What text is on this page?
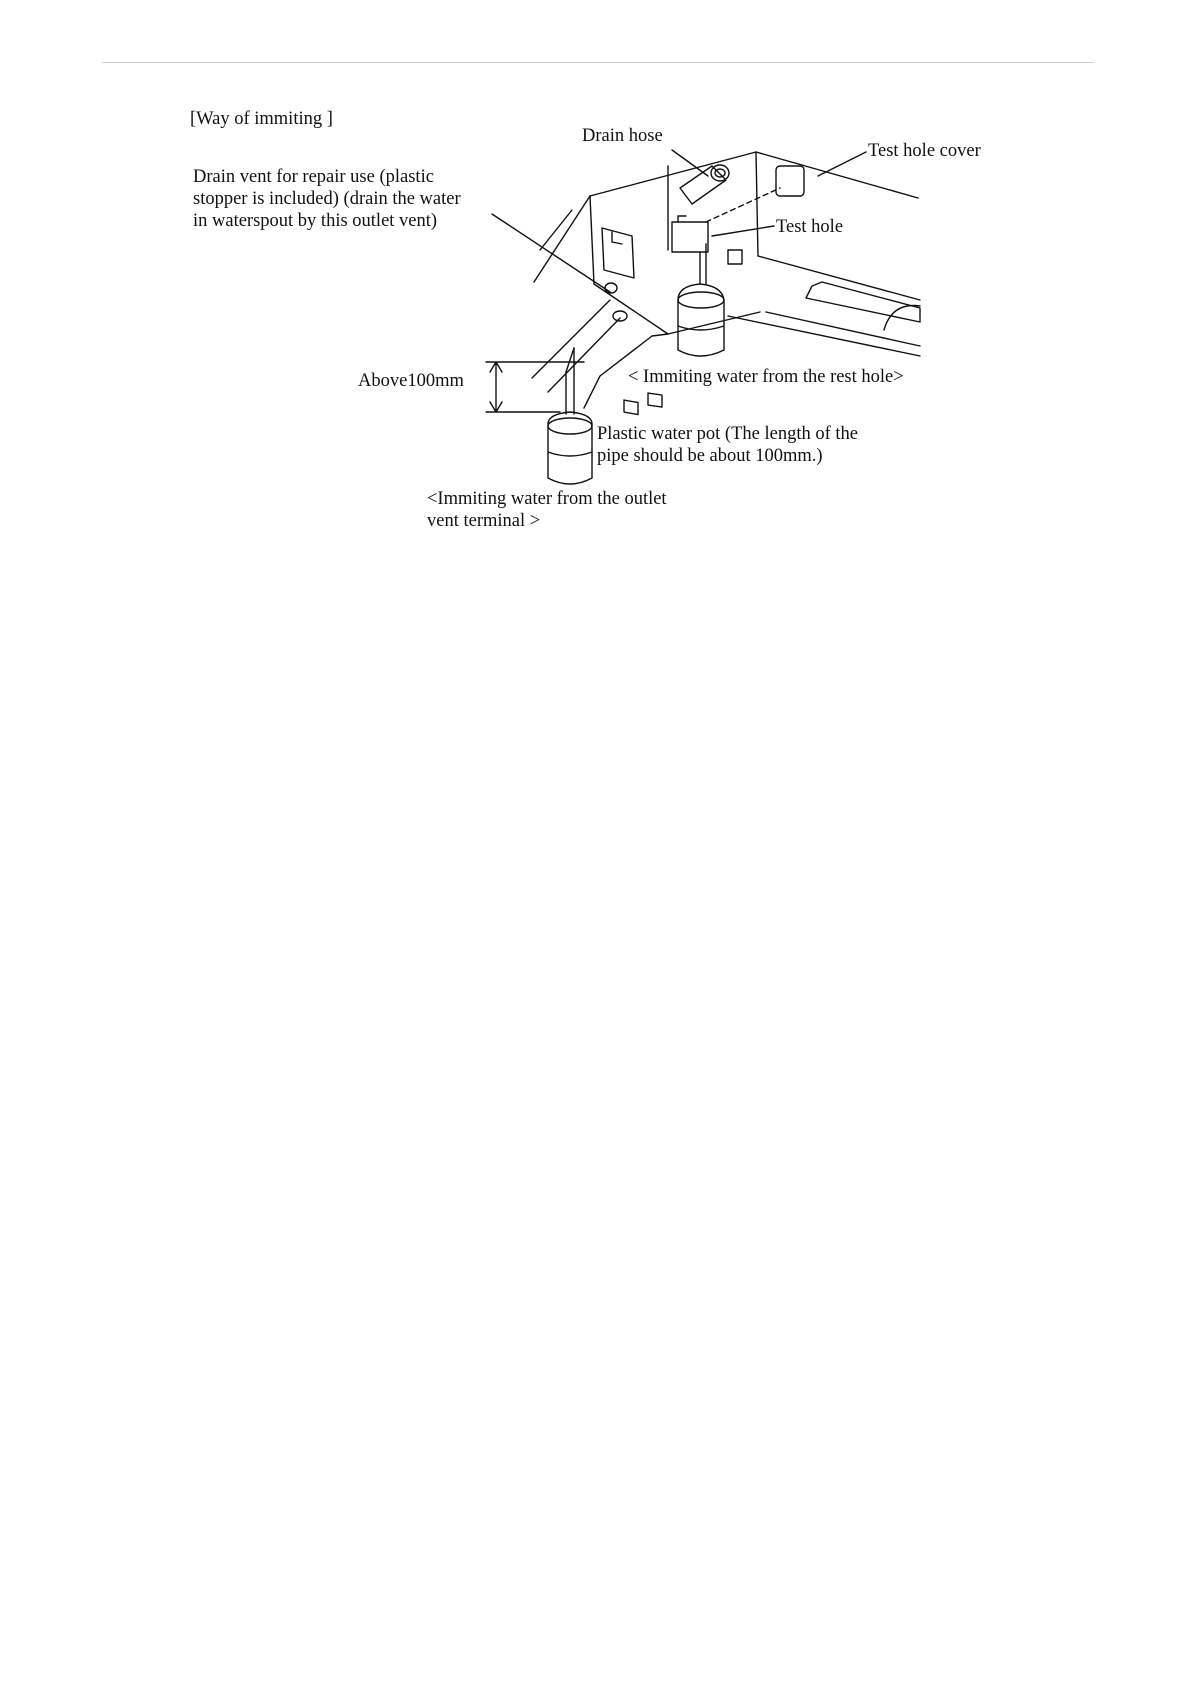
[Way of immiting ]
Drain hose
Test hole cover
Drain vent for repair use (plastic
stopper is included) (drain the water
in waterspout by this outlet vent)	Test hole
Above100mm	< Immiting water from the rest hole>
Plastic water pot (The length of the
pipe should be about 100mm.)
<Immiting water from the outlet
vent terminal >
